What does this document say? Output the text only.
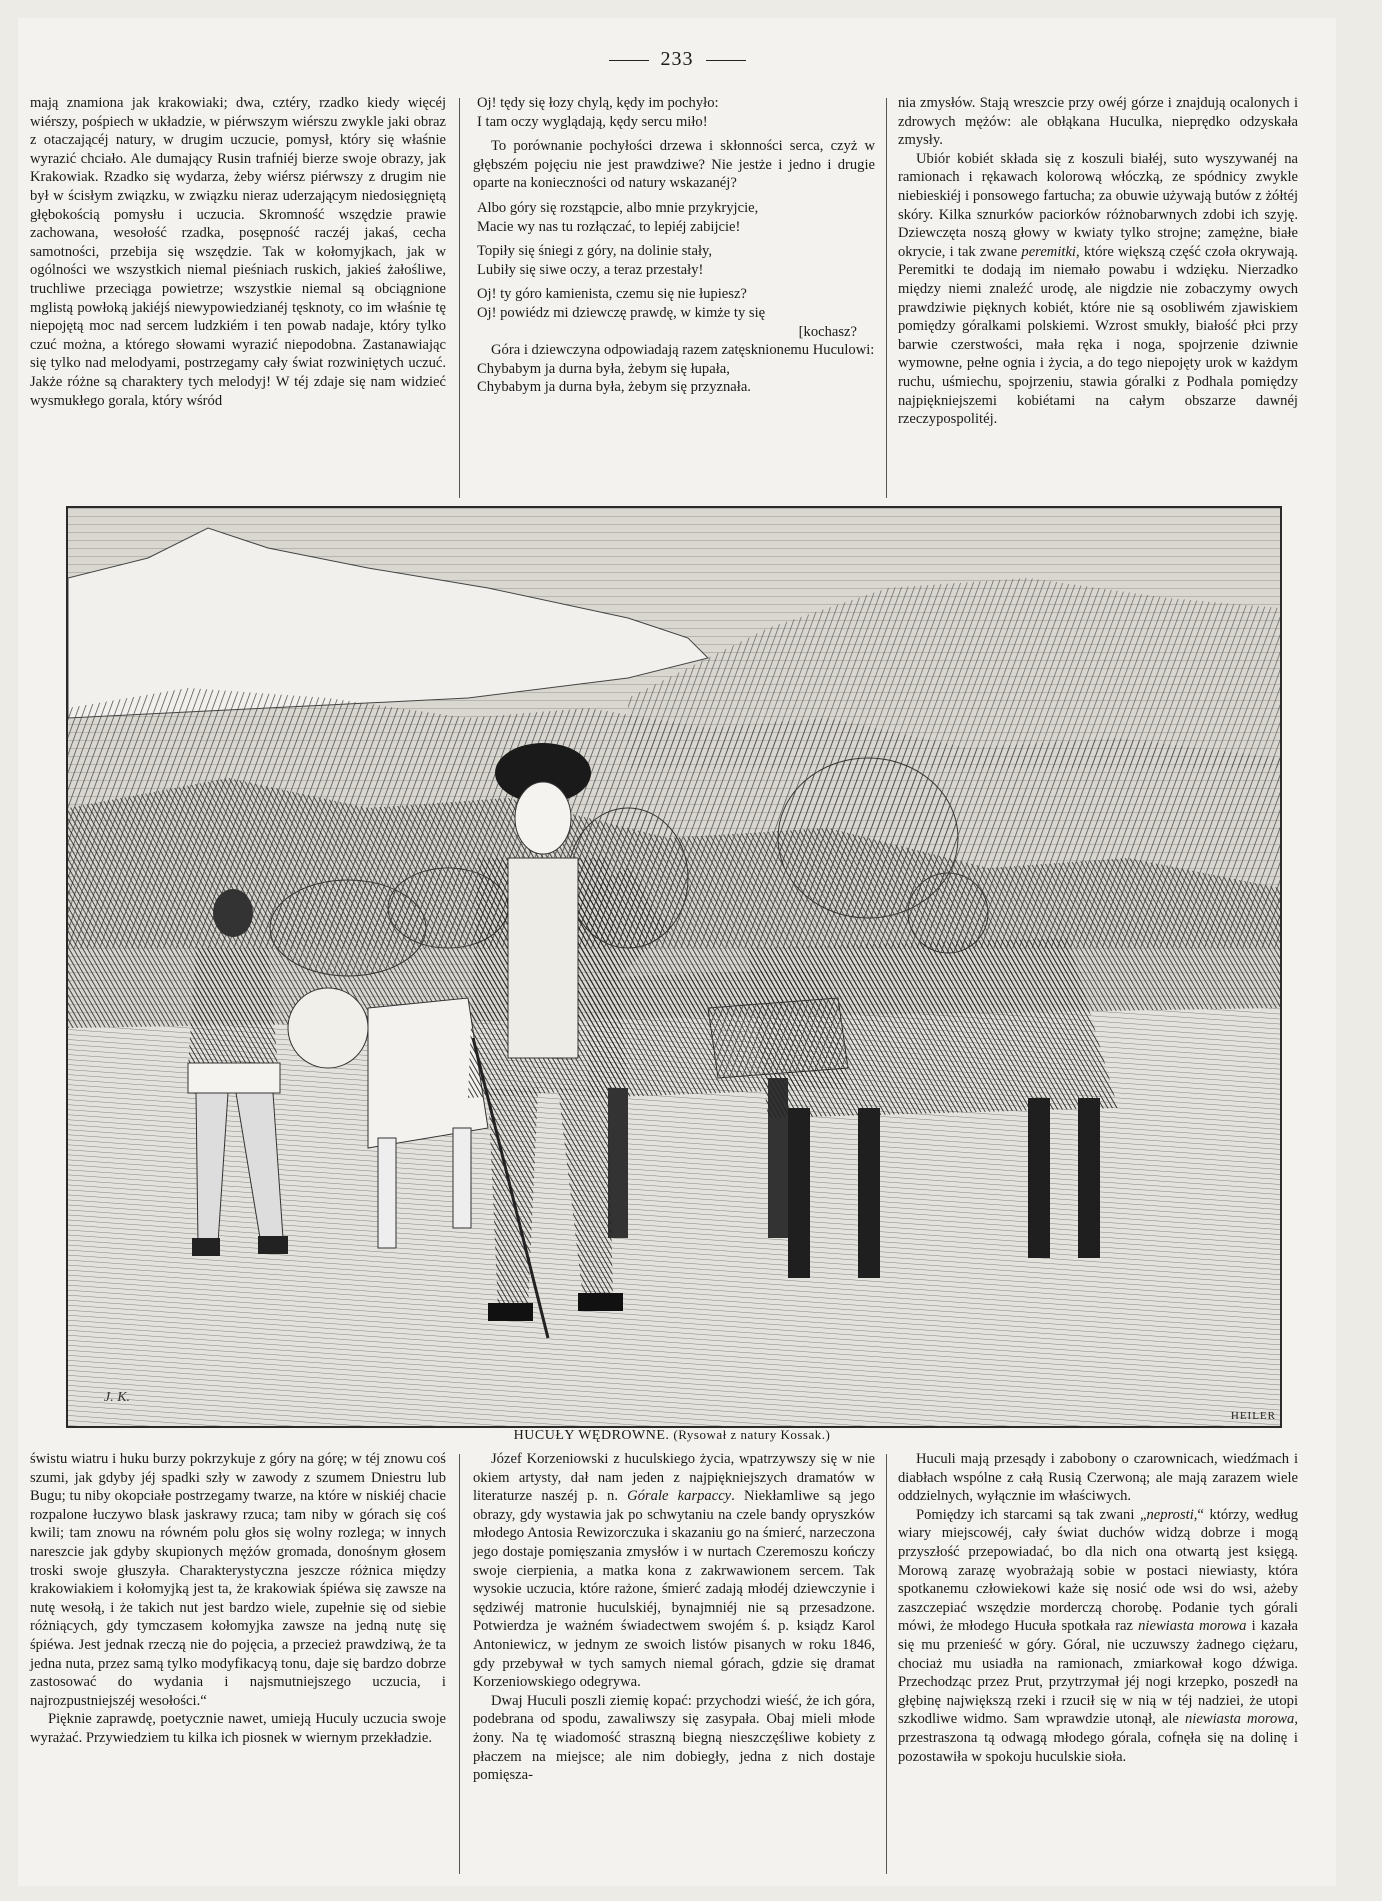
233

mają znamiona jak krakowiaki; dwa, cztéry, rzadko kiedy więcéj wiérszy, pośpiech w układzie, w piérwszym wiérszu zwykle jaki obraz z otaczającéj natury, w drugim uczucie, pomysł, który się właśnie wyrazić chciało. Ale dumający Rusin trafniéj bierze swoje obrazy, jak Krakowiak. Rzadko się wydarza, żeby wiérsz piérwszy z drugim nie był w ścisłym związku, w związku nieraz uderzającym niedosięgniętą głębokością pomysłu i uczucia. Skromność wszędzie prawie zachowana, wesołość rzadka, posępność raczéj jakaś, cecha samotności, przebija się wszędzie. Tak w kołomyjkach, jak w ogólności we wszystkich niemal pieśniach ruskich, jakieś żałośliwe, truchliwe przeciąga powietrze; wszystkie niemal są obciągnione mglistą powłoką jakiéjś niewypowiedzianéj tęsknoty, co im właśnie tę niepojętą moc nad sercem ludzkiém i ten powab nadaje, który tylko czuć można, a którego słowami wyrazić niepodobna. Zastanawiając się tylko nad melodyami, postrzegamy cały świat rozwiniętych uczuć. Jakże różne są charaktery tych melodyj! W téj zdaje się nam widzieć wysmukłego gorala, który wśród

Oj! tędy się łozy chylą, kędy im pochyło:
I tam oczy wyglądają, kędy sercu miło!

To porównanie pochyłości drzewa i skłonności serca, czyż w głębszém pojęciu nie jest prawdziwe? Nie jestże i jedno i drugie oparte na konieczności od natury wskazanéj?

Albo góry się rozstąpcie, albo mnie przykryjcie,
Macie wy nas tu rozłączać, to lepiéj zabijcie!
Topiły się śniegi z góry, na dolinie stały,
Lubiły się siwe oczy, a teraz przestały!
Oj! ty góro kamienista, czemu się nie łupiesz?
Oj! powiédz mi dziewczę prawdę, w kimże ty się
[kochasz?

Góra i dziewczyna odpowiadają razem zatęsknionemu Huculowi:

Chybabym ja durna była, żebym się łupała,
Chybabym ja durna była, żebym się przyznała.

nia zmysłów. Stają wreszcie przy owéj górze i znajdują ocalonych i zdrowych mężów: ale obłąkana Huculka, nieprędko odzyskała zmysły.

Ubiór kobiét składa się z koszuli białéj, suto wyszywanéj na ramionach i rękawach kolorową włóczką, ze spódnicy zwykle niebieskiéj i ponsowego fartucha; za obuwie używają butów z żółtéj skóry. Kilka sznurków paciorków różnobarwnych zdobi ich szyję. Dziewczęta noszą głowy w kwiaty tylko strojne; zamężne, białe okrycie, i tak zwane peremitki, które większą część czoła okrywają. Peremitki te dodają im niemało powabu i wdzięku. Nierzadko między niemi znaleźć urodę, ale nigdzie nie zobaczymy owych prawdziwie pięknych kobiét, które nie są osobliwém zjawiskiem pomiędzy góralkami polskiemi. Wzrost smukły, białość płci przy barwie czerstwości, mała ręka i noga, spojrzenie dziwnie wymowne, pełne ognia i życia, a do tego niepojęty urok w każdym ruchu, uśmiechu, spojrzeniu, stawia góralki z Podhala pomiędzy najpiękniejszemi kobiétami na całym obszarze dawnéj rzeczypospolitéj.

J. K.
HEILER
HUCUŁY WĘDROWNE. (Rysował z natury Kossak.)

świstu wiatru i huku burzy pokrzykuje z góry na górę; w téj znowu coś szumi, jak gdyby jéj spadki szły w zawody z szumem Dniestru lub Bugu; tu niby okopciałe postrzegamy twarze, na które w niskiéj chacie rozpalone łuczywo blask jaskrawy rzuca; tam niby w górach się coś kwili; tam znowu na równém polu głos się wolny rozlega; w innych nareszcie jak gdyby skupionych mężów gromada, donośnym głosem troski swoje głuszyła. Charakterystyczna jeszcze różnica między krakowiakiem i kołomyjką jest ta, że krakowiak śpiéwa się zawsze na nutę wesołą, i że takich nut jest bardzo wiele, zupełnie się od siebie różniących, gdy tymczasem kołomyjka zawsze na jedną nutę się śpiéwa. Jest jednak rzeczą nie do pojęcia, a przecież prawdziwą, że ta jedna nuta, przez samą tylko modyfikacyą tonu, daje się bardzo dobrze zastosować do wydania i najsmutniejszego uczucia, i najrozpustniejszéj wesołości.“

Pięknie zaprawdę, poetycznie nawet, umieją Huculy uczucia swoje wyrażać. Przywiedziem tu kilka ich piosnek w wiernym przekładzie.

Józef Korzeniowski z huculskiego życia, wpatrzywszy się w nie okiem artysty, dał nam jeden z najpiękniejszych dramatów w literaturze naszéj p. n. Górale karpaccy. Niekłamliwe są jego obrazy, gdy wystawia jak po schwytaniu na czele bandy opryszków młodego Antosia Rewizorczuka i skazaniu go na śmierć, narzeczona jego dostaje pomięszania zmysłów i w nurtach Czeremoszu kończy swoje cierpienia, a matka kona z zakrwawionem sercem. Tak wysokie uczucia, które rażone, śmierć zadają młodéj dziewczynie i sędziwéj matronie huculskiéj, bynajmniéj nie są przesadzone. Potwierdza je ważném świadectwem swojém ś. p. ksiądz Karol Antoniewicz, w jednym ze swoich listów pisanych w roku 1846, gdy przebywał w tych samych niemal górach, gdzie się dramat Korzeniowskiego odegrywa.

Dwaj Huculi poszli ziemię kopać: przychodzi wieść, że ich góra, podebrana od spodu, zawaliwszy się zasypała. Obaj mieli młode żony. Na tę wiadomość straszną biegną nieszczęśliwe kobiety z płaczem na miejsce; ale nim dobiegły, jedna z nich dostaje pomięsza-

Huculi mają przesądy i zabobony o czarownicach, wiedźmach i diabłach wspólne z całą Rusią Czerwoną; ale mają zarazem wiele oddzielnych, wyłącznie im właściwych.

Pomiędzy ich starcami są tak zwani „neprosti,“ którzy, według wiary miejscowéj, cały świat duchów widzą dobrze i mogą przyszłość przepowiadać, bo dla nich ona otwartą jest księgą. Morową zarazę wyobrażają sobie w postaci niewiasty, która spotkanemu człowiekowi każe się nosić ode wsi do wsi, ażeby zaszczepiać wszędzie morderczą chorobę. Podanie tych górali mówi, że młodego Hucuła spotkała raz niewiasta morowa i kazała się mu przenieść w góry. Góral, nie uczuwszy żadnego ciężaru, chociaż mu usiadła na ramionach, zmiarkował kogo dźwiga. Przechodząc przez Prut, przytrzymał jéj nogi krzepko, poszedł na głębinę największą rzeki i rzucił się w nią w téj nadziei, że utopi szkodliwe widmo. Sam wprawdzie utonął, ale niewiasta morowa, przestraszona tą odwagą młodego górala, cofnęła się na dolinę i pozostawiła w spokoju huculskie sioła.
